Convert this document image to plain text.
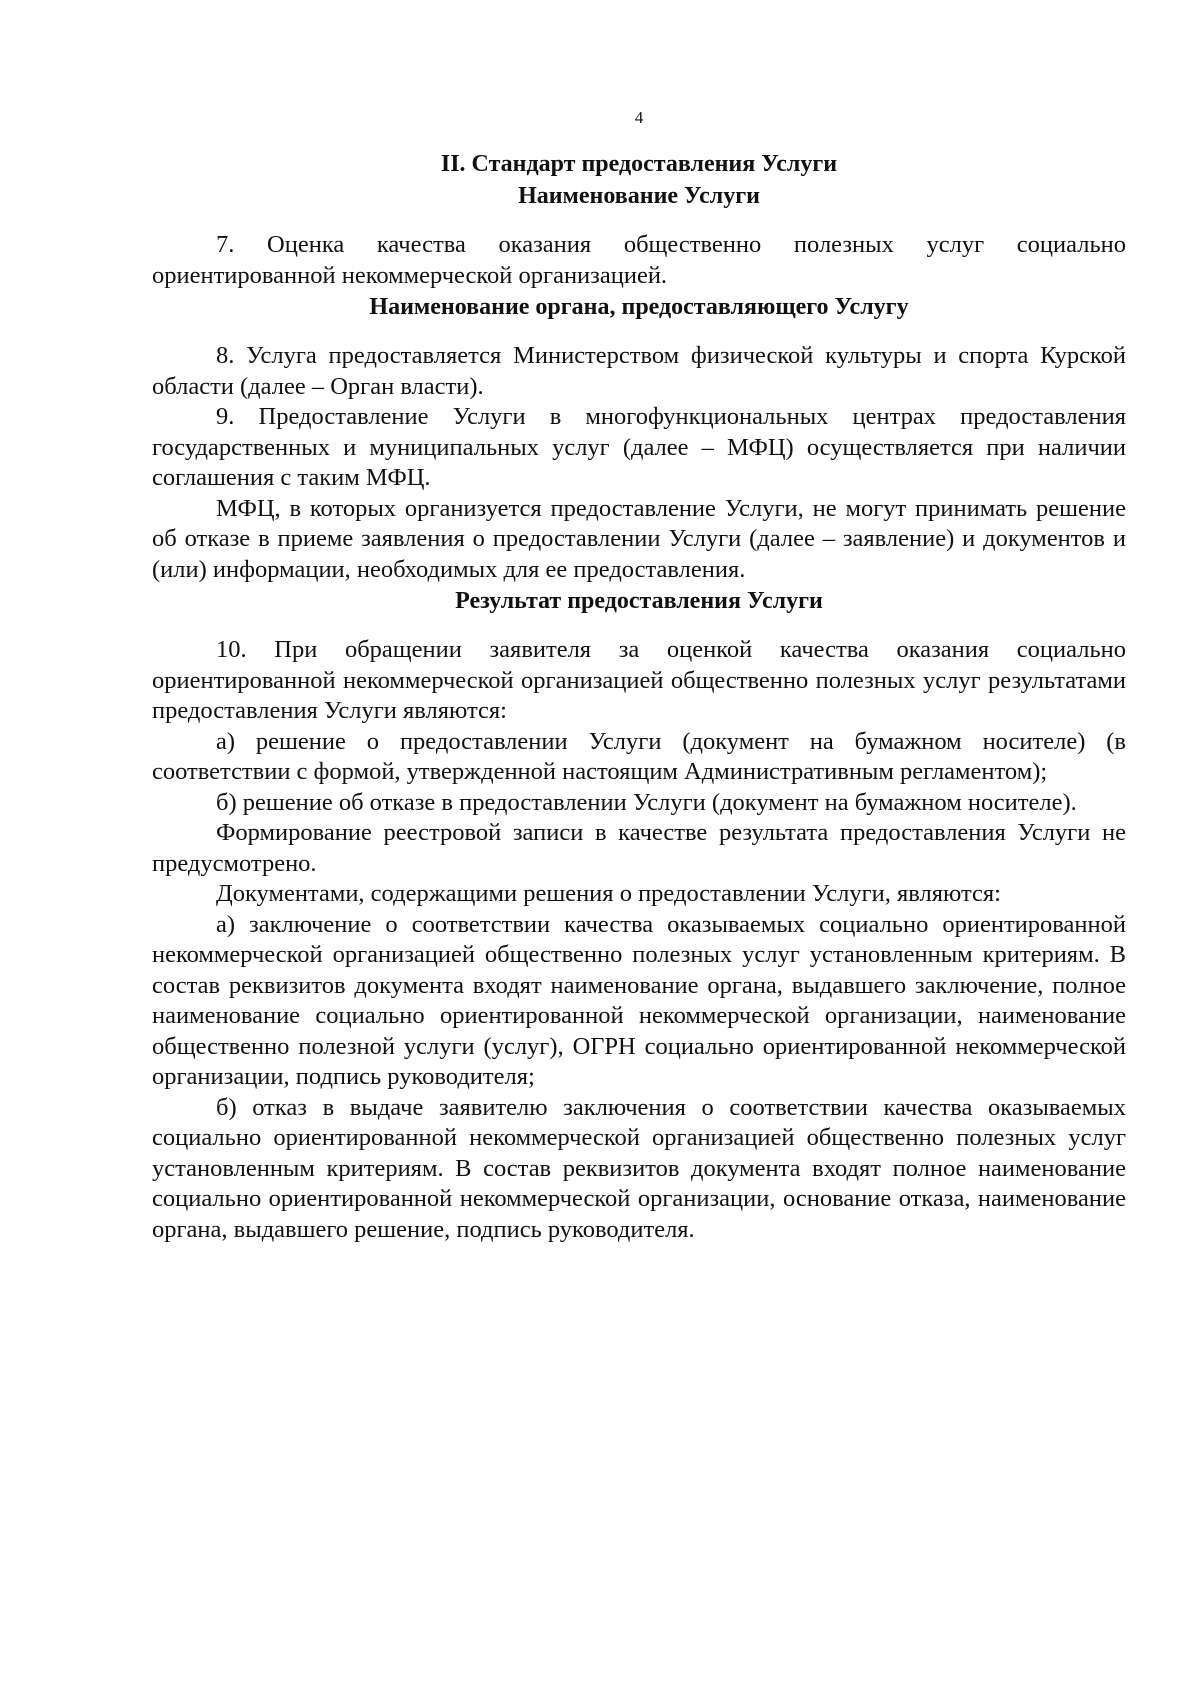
4
II. Стандарт предоставления Услуги
Наименование Услуги

7. Оценка качества оказания общественно полезных услуг социально ориентированной некоммерческой организацией.

Наименование органа, предоставляющего Услугу

8. Услуга предоставляется Министерством физической культуры и спорта Курской области (далее – Орган власти).

9. Предоставление Услуги в многофункциональных центрах предоставления государственных и муниципальных услуг (далее – МФЦ) осуществляется при наличии соглашения с таким МФЦ.

МФЦ, в которых организуется предоставление Услуги, не могут принимать решение об отказе в приеме заявления о предоставлении Услуги (далее – заявление) и документов и (или) информации, необходимых для ее предоставления.

Результат предоставления Услуги

10. При обращении заявителя за оценкой качества оказания социально ориентированной некоммерческой организацией общественно полезных услуг результатами предоставления Услуги являются:

а) решение о предоставлении Услуги (документ на бумажном носителе) (в соответствии с формой, утвержденной настоящим Административным регламентом);

б) решение об отказе в предоставлении Услуги (документ на бумажном носителе).

Формирование реестровой записи в качестве результата предоставления Услуги не предусмотрено.

Документами, содержащими решения о предоставлении Услуги, являются:

а) заключение о соответствии качества оказываемых социально ориентированной некоммерческой организацией общественно полезных услуг установленным критериям. В состав реквизитов документа входят наименование органа, выдавшего заключение, полное наименование социально ориентированной некоммерческой организации, наименование общественно полезной услуги (услуг), ОГРН социально ориентированной некоммерческой организации, подпись руководителя;

б) отказ в выдаче заявителю заключения о соответствии качества оказываемых социально ориентированной некоммерческой организацией общественно полезных услуг установленным критериям. В состав реквизитов документа входят полное наименование социально ориентированной некоммерческой организации, основание отказа, наименование органа, выдавшего решение, подпись руководителя.
